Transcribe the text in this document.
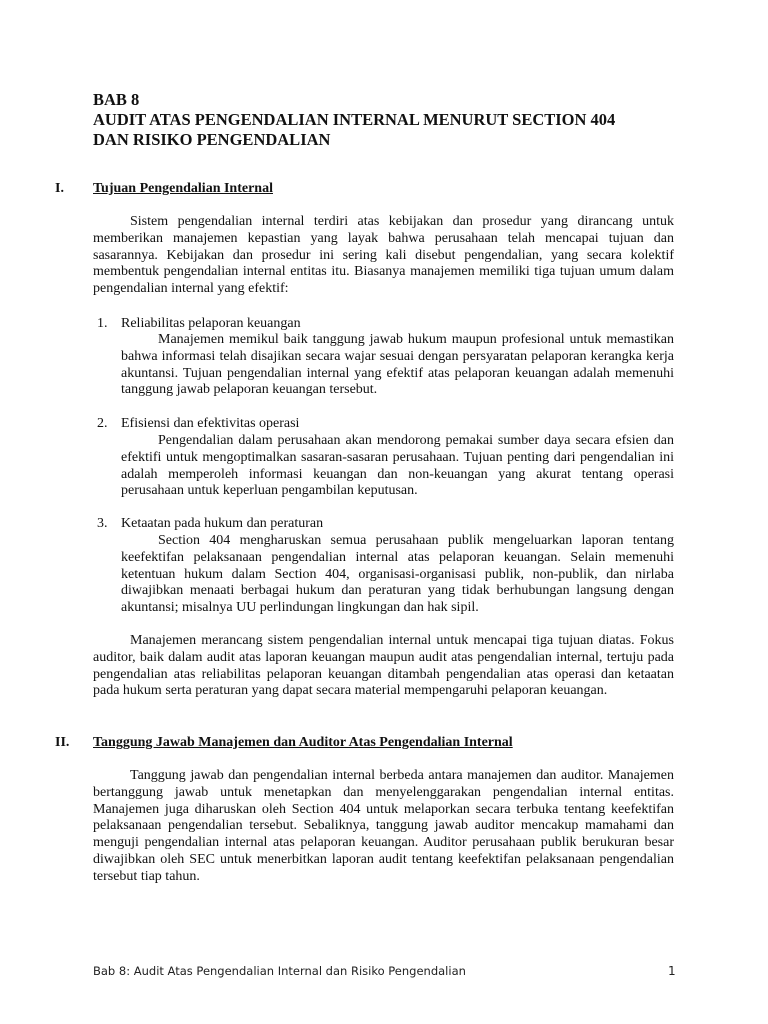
BAB 8
AUDIT ATAS PENGENDALIAN INTERNAL MENURUT SECTION 404
DAN RISIKO PENGENDALIAN
I. Tujuan Pengendalian Internal

Sistem pengendalian internal terdiri atas kebijakan dan prosedur yang dirancang untuk memberikan manajemen kepastian yang layak bahwa perusahaan telah mencapai tujuan dan sasarannya. Kebijakan dan prosedur ini sering kali disebut pengendalian, yang secara kolektif membentuk pengendalian internal entitas itu. Biasanya manajemen memiliki tiga tujuan umum dalam pengendalian internal yang efektif:

1. Reliabilitas pelaporan keuangan

Manajemen memikul baik tanggung jawab hukum maupun profesional untuk memastikan bahwa informasi telah disajikan secara wajar sesuai dengan persyaratan pelaporan kerangka kerja akuntansi. Tujuan pengendalian internal yang efektif atas pelaporan keuangan adalah memenuhi tanggung jawab pelaporan keuangan tersebut.

2. Efisiensi dan efektivitas operasi

Pengendalian dalam perusahaan akan mendorong pemakai sumber daya secara efsien dan efektifi untuk mengoptimalkan sasaran-sasaran perusahaan. Tujuan penting dari pengendalian ini adalah memperoleh informasi keuangan dan non-keuangan yang akurat tentang operasi perusahaan untuk keperluan pengambilan keputusan.

3. Ketaatan pada hukum dan peraturan

Section 404 mengharuskan semua perusahaan publik mengeluarkan laporan tentang keefektifan pelaksanaan pengendalian internal atas pelaporan keuangan. Selain memenuhi ketentuan hukum dalam Section 404, organisasi-organisasi publik, non-publik, dan nirlaba diwajibkan menaati berbagai hukum dan peraturan yang tidak berhubungan langsung dengan akuntansi; misalnya UU perlindungan lingkungan dan hak sipil.

Manajemen merancang sistem pengendalian internal untuk mencapai tiga tujuan diatas. Fokus auditor, baik dalam audit atas laporan keuangan maupun audit atas pengendalian internal, tertuju pada pengendalian atas reliabilitas pelaporan keuangan ditambah pengendalian atas operasi dan ketaatan pada hukum serta peraturan yang dapat secara material mempengaruhi pelaporan keuangan.

II. Tanggung Jawab Manajemen dan Auditor Atas Pengendalian Internal

Tanggung jawab dan pengendalian internal berbeda antara manajemen dan auditor. Manajemen bertanggung jawab untuk menetapkan dan menyelenggarakan pengendalian internal entitas. Manajemen juga diharuskan oleh Section 404 untuk melaporkan secara terbuka tentang keefektifan pelaksanaan pengendalian tersebut. Sebaliknya, tanggung jawab auditor mencakup mamahami dan menguji pengendalian internal atas pelaporan keuangan. Auditor perusahaan publik berukuran besar diwajibkan oleh SEC untuk menerbitkan laporan audit tentang keefektifan pelaksanaan pengendalian tersebut tiap tahun.

Bab 8: Audit Atas Pengendalian Internal dan Risiko Pengendalian	1
